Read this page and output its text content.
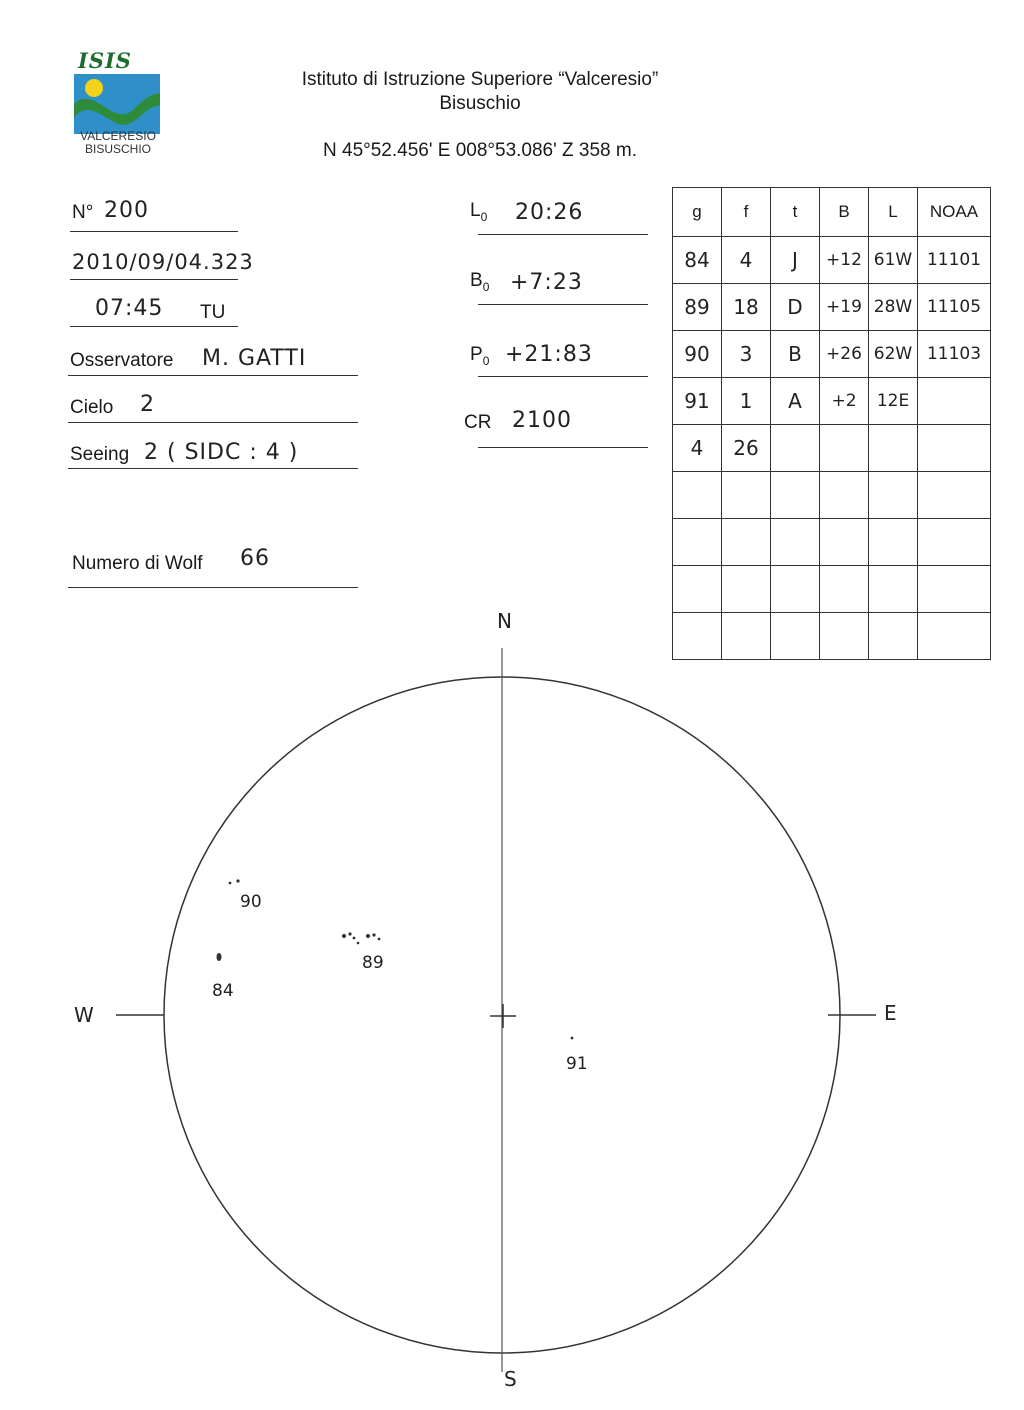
ISIS
VALCERESIO
BISUSCHIO
Istituto di Istruzione Superiore “Valceresio”
Bisuschio
N 45°52.456' E 008°53.086' Z 358 m.
N° 200
2010/09/04.323
07:45 TU
Osservatore M. GATTI
Cielo 2
Seeing 2 ( SIDC : 4 )
Numero di Wolf 66
$L_0$ 20:26
$B_0$ +7:23
$P_0$ +21:83
CR 2100
g	f	t	B	L	NOAA
84	4	J	+12	61W	11101
89	18	D	+19	28W	11105
90	3	B	+26	62W	11103
91	1	A	+2	12E	
4	26				

N
S
W	E
90
89
84
91
